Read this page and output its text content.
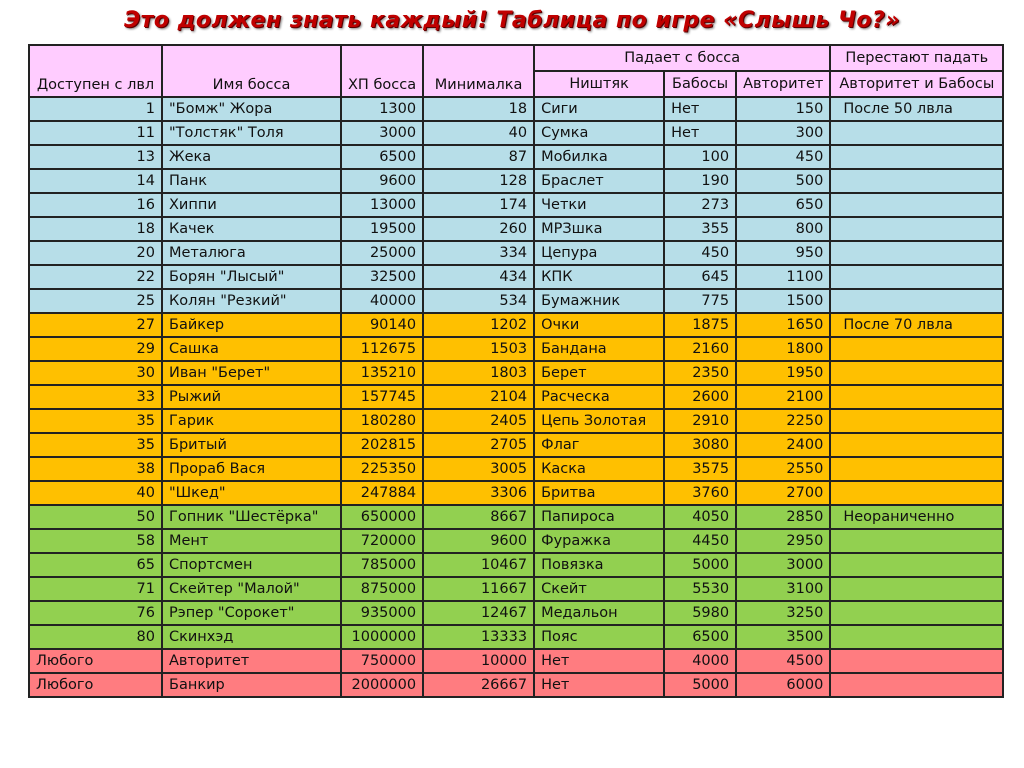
Это должен знать каждый! Таблица по игре «Слышь Чо?»
Доступен с лвл	Имя босса	ХП босса	Минималка	Падает с босса			Перестают падать
				Ништяк	Бабосы	Авторитет	Авторитет и Бабосы
1	"Бомж" Жора	1300	18	Сиги	Нет	150	После 50 лвла
11	"Толстяк" Толя	3000	40	Сумка	Нет	300	
13	Жека	6500	87	Мобилка	100	450	
14	Панк	9600	128	Браслет	190	500	
16	Хиппи	13000	174	Четки	273	650	
18	Качек	19500	260	МРЗшка	355	800	
20	Металюга	25000	334	Цепура	450	950	
22	Борян "Лысый"	32500	434	КПК	645	1100	
25	Колян "Резкий"	40000	534	Бумажник	775	1500	
27	Байкер	90140	1202	Очки	1875	1650	После 70 лвла
29	Сашка	112675	1503	Бандана	2160	1800	
30	Иван "Берет"	135210	1803	Берет	2350	1950	
33	Рыжий	157745	2104	Расческа	2600	2100	
35	Гарик	180280	2405	Цепь Золотая	2910	2250	
35	Бритый	202815	2705	Флаг	3080	2400	
38	Прораб Вася	225350	3005	Каска	3575	2550	
40	"Шкед"	247884	3306	Бритва	3760	2700	
50	Гопник "Шестёрка"	650000	8667	Папироса	4050	2850	Неораниченно
58	Мент	720000	9600	Фуражка	4450	2950	
65	Спортсмен	785000	10467	Повязка	5000	3000	
71	Скейтер "Малой"	875000	11667	Скейт	5530	3100	
76	Рэпер "Сорокет"	935000	12467	Медальон	5980	3250	
80	Скинхэд	1000000	13333	Пояс	6500	3500	
Любого	Авторитет	750000	10000	Нет	4000	4500	
Любого	Банкир	2000000	26667	Нет	5000	6000	
